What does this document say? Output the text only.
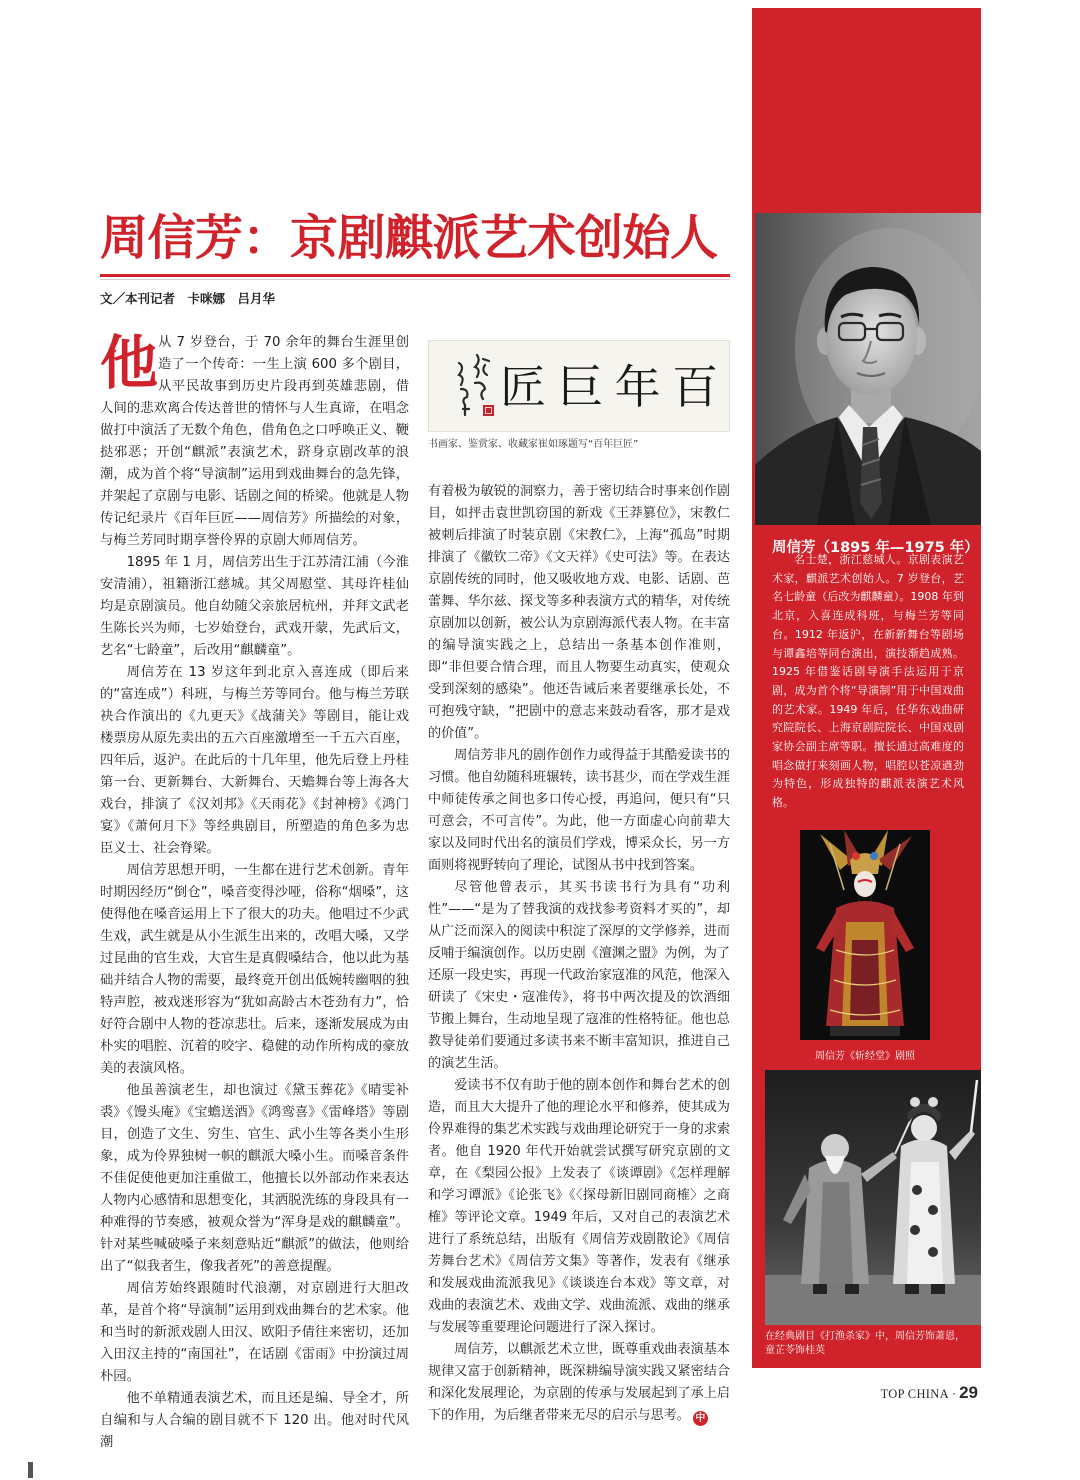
周信芳：京剧麒派艺术创始人
文／本刊记者　卡咪娜　吕月华

他从 7 岁登台，于 70 余年的舞台生涯里创造了一个传奇：一生上演 600 多个剧目，从平民故事到历史片段再到英雄悲剧，借人间的悲欢离合传达普世的情怀与人生真谛，在唱念做打中演活了无数个角色，借角色之口呼唤正义、鞭挞邪恶；开创“麒派”表演艺术，跻身京剧改革的浪潮，成为首个将“导演制”运用到戏曲舞台的急先锋，并架起了京剧与电影、话剧之间的桥梁。他就是人物传记纪录片《百年巨匠——周信芳》所描绘的对象，与梅兰芳同时期享誉伶界的京剧大师周信芳。

1895 年 1 月，周信芳出生于江苏清江浦（今淮安清浦），祖籍浙江慈城。其父周慰堂、其母许桂仙均是京剧演员。他自幼随父亲旅居杭州，并拜文武老生陈长兴为师，七岁始登台，武戏开蒙，先武后文，艺名“七龄童”，后改用“麒麟童”。

周信芳在 13 岁这年到北京入喜连成（即后来的“富连成”）科班，与梅兰芳等同台。他与梅兰芳联袂合作演出的《九更天》《战蒲关》等剧目，能让戏楼票房从原先卖出的五六百座激增至一千五六百座，四年后，返沪。在此后的十几年里，他先后登上丹桂第一台、更新舞台、大新舞台、天蟾舞台等上海各大戏台，排演了《汉刘邦》《天雨花》《封神榜》《鸿门宴》《萧何月下》等经典剧目，所塑造的角色多为忠臣义士、社会脊梁。

周信芳思想开明，一生都在进行艺术创新。青年时期因经历“倒仓”，嗓音变得沙哑，俗称“烟嗓”，这使得他在嗓音运用上下了很大的功夫。他唱过不少武生戏，武生就是从小生派生出来的，改唱大嗓，又学过昆曲的官生戏，大官生是真假嗓结合，他以此为基础并结合人物的需要，最终竟开创出低婉转幽咽的独特声腔，被戏迷形容为“犹如高龄古木苍劲有力”，恰好符合剧中人物的苍凉悲壮。后来，逐渐发展成为由朴实的唱腔、沉着的咬字、稳健的动作所构成的豪放美的表演风格。

他虽善演老生，却也演过《黛玉葬花》《晴雯补裘》《馒头庵》《宝蟾送酒》《鸿鸾喜》《雷峰塔》等剧目，创造了文生、穷生、官生、武小生等各类小生形象，成为伶界独树一帜的麒派大嗓小生。而嗓音条件不佳促使他更加注重做工，他擅长以外部动作来表达人物内心感情和思想变化，其洒脱洗练的身段具有一种难得的节奏感，被观众誉为“浑身是戏的麒麟童”。针对某些喊破嗓子来刻意贴近“麒派”的做法，他则给出了“似我者生，像我者死”的善意提醒。

周信芳始终跟随时代浪潮，对京剧进行大胆改革，是首个将“导演制”运用到戏曲舞台的艺术家。他和当时的新派戏剧人田汉、欧阳予倩往来密切，还加入田汉主持的“南国社”，在话剧《雷雨》中扮演过周朴园。

他不单精通表演艺术，而且还是编、导全才，所自编和与人合编的剧目就不下 120 出。他对时代风潮

百
年
巨
匠
书画家、鉴赏家、收藏家崔如琢题写“百年巨匠”

有着极为敏锐的洞察力，善于密切结合时事来创作剧目，如抨击袁世凯窃国的新戏《王莽篡位》，宋教仁被刺后排演了时装京剧《宋教仁》，上海“孤岛”时期排演了《徽钦二帝》《文天祥》《史可法》等。在表达京剧传统的同时，他又吸收地方戏、电影、话剧、芭蕾舞、华尔兹、探戈等多种表演方式的精华，对传统京剧加以创新，被公认为京剧海派代表人物。在丰富的编导演实践之上，总结出一条基本创作准则，即“非但要合情合理，而且人物要生动真实，使观众受到深刻的感染”。他还告诫后来者要继承长处，不可抱残守缺，“把剧中的意志来鼓动看客，那才是戏的价值”。

周信芳非凡的剧作创作力或得益于其酷爱读书的习惯。他自幼随科班辗转，读书甚少，而在学戏生涯中师徒传承之间也多口传心授，再追问，便只有“只可意会，不可言传”。为此，他一方面虚心向前辈大家以及同时代出名的演员们学戏，博采众长，另一方面则将视野转向了理论，试图从书中找到答案。

尽管他曾表示，其买书读书行为具有“功利性”——“是为了替我演的戏找参考资料才买的”，却从广泛而深入的阅读中积淀了深厚的文学修养，进而反哺于编演创作。以历史剧《澶渊之盟》为例，为了还原一段史实，再现一代政治家寇准的风范，他深入研读了《宋史・寇准传》，将书中两次提及的饮酒细节搬上舞台，生动地呈现了寇准的性格特征。他也总教导徒弟们要通过多读书来不断丰富知识，推进自己的演艺生活。

爱读书不仅有助于他的剧本创作和舞台艺术的创造，而且大大提升了他的理论水平和修养，使其成为伶界难得的集艺术实践与戏曲理论研究于一身的求索者。他自 1920 年代开始就尝试撰写研究京剧的文章，在《梨园公报》上发表了《谈谭剧》《怎样理解和学习谭派》《论张飞》《〈探母新旧剧同商榷〉之商榷》等评论文章。1949 年后，又对自己的表演艺术进行了系统总结，出版有《周信芳戏剧散论》《周信芳舞台艺术》《周信芳文集》等著作，发表有《继承和发展戏曲流派我见》《谈谈连台本戏》等文章，对戏曲的表演艺术、戏曲文学、戏曲流派、戏曲的继承与发展等重要理论问题进行了深入探讨。

周信芳，以麒派艺术立世，既尊重戏曲表演基本规律又富于创新精神，既深耕编导演实践又紧密结合和深化发展理论，为京剧的传承与发展起到了承上启下的作用，为后继者带来无尽的启示与思考。 中

周信芳（1895 年—1975 年）
名士楚，浙江慈城人。京剧表演艺术家，麒派艺术创始人。7 岁登台，艺名七龄童（后改为麒麟童）。1908 年到北京，入喜连成科班，与梅兰芳等同台。1912 年返沪，在新新舞台等剧场与谭鑫培等同台演出，演技渐趋成熟。1925 年借鉴话剧导演手法运用于京剧，成为首个将“导演制”用于中国戏曲的艺术家。1949 年后，任华东戏曲研究院院长、上海京剧院院长、中国戏剧家协会副主席等职。擅长通过高难度的唱念做打来刻画人物，唱腔以苍凉遒劲为特色，形成独特的麒派表演艺术风格。
周信芳《斩经堂》剧照
在经典剧目《打渔杀家》中，周信芳饰萧恩，童芷苓饰桂英
TOP CHINA · 29
